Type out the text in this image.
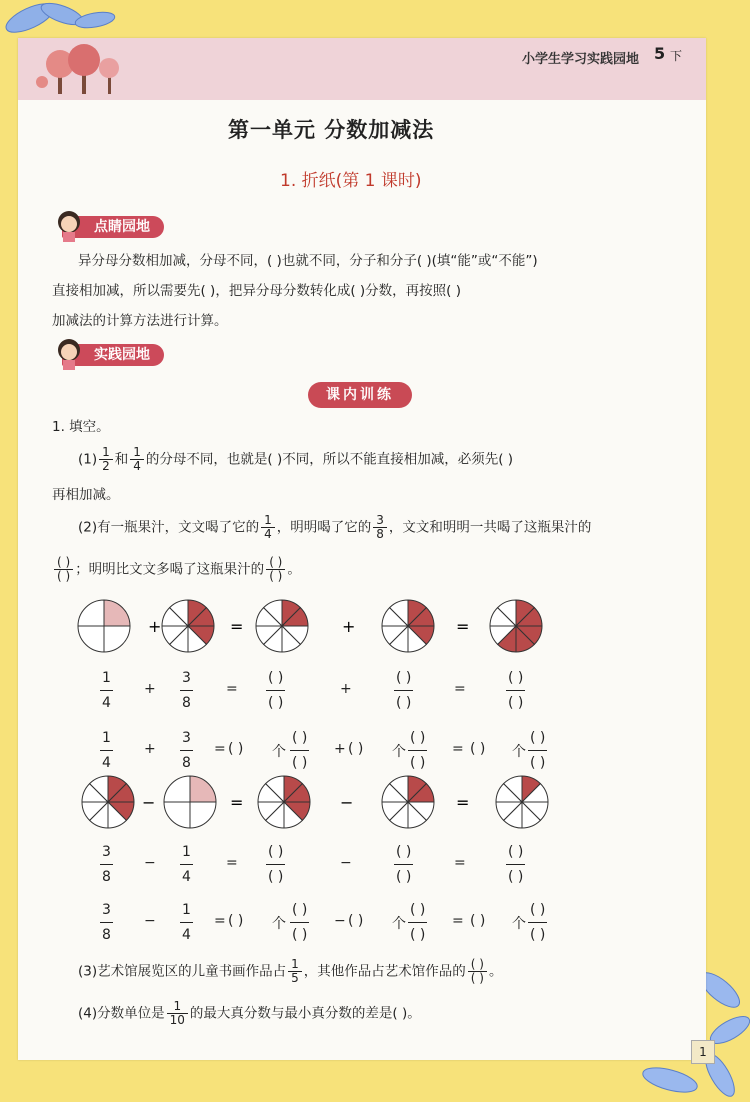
小学生学习实践园地 5 下
第一单元 分数加减法
1. 折纸(第 1 课时)
点睛园地
异分母分数相加减，分母不同，( )也就不同，分子和分子( )(填“能”或“不能”)
直接相加减，所以需要先( )，把异分母分数转化成( )分数，再按照( )
加减法的计算方法进行计算。
实践园地
课内训练
1. 填空。
$(1) \frac{1}{2}$ 和 $\frac{1}{4}$ 的分母不同，也就是( )不同，所以不能直接相加减，必须先( )
再相加减。
(2)有一瓶果汁，文文喝了它的 $\frac{1}{4}$ ，明明喝了它的 $\frac{3}{8}$ ，文文和明明一共喝了这瓶果汁的
$\frac{( )}{( )}$ ；明明比文文多喝了这瓶果汁的 $\frac{( )}{( )}$ 。
+	=	+	=
1
4
+
3
8
=
( )
( )
+
( )
( )
=
( )
( )
1
4
+
3
8
= ( ) 个
( )
( )
+ ( ) 个
( )
( )
= ( ) 个
( )
( )
−	=	−	=
3
8
−
1
4
=
( )
( )
−
( )
( )
=
( )
( )
3
8
−
1
4
= ( ) 个
( )
( )
− ( ) 个
( )
( )
= ( ) 个
( )
( )
(3)艺术馆展览区的儿童书画作品占 $\frac{1}{5}$ ，其他作品占艺术馆作品的 $\frac{( )}{( )}$ 。
(4)分数单位是 $\frac{1}{10}$ 的最大真分数与最小真分数的差是( )。
1
